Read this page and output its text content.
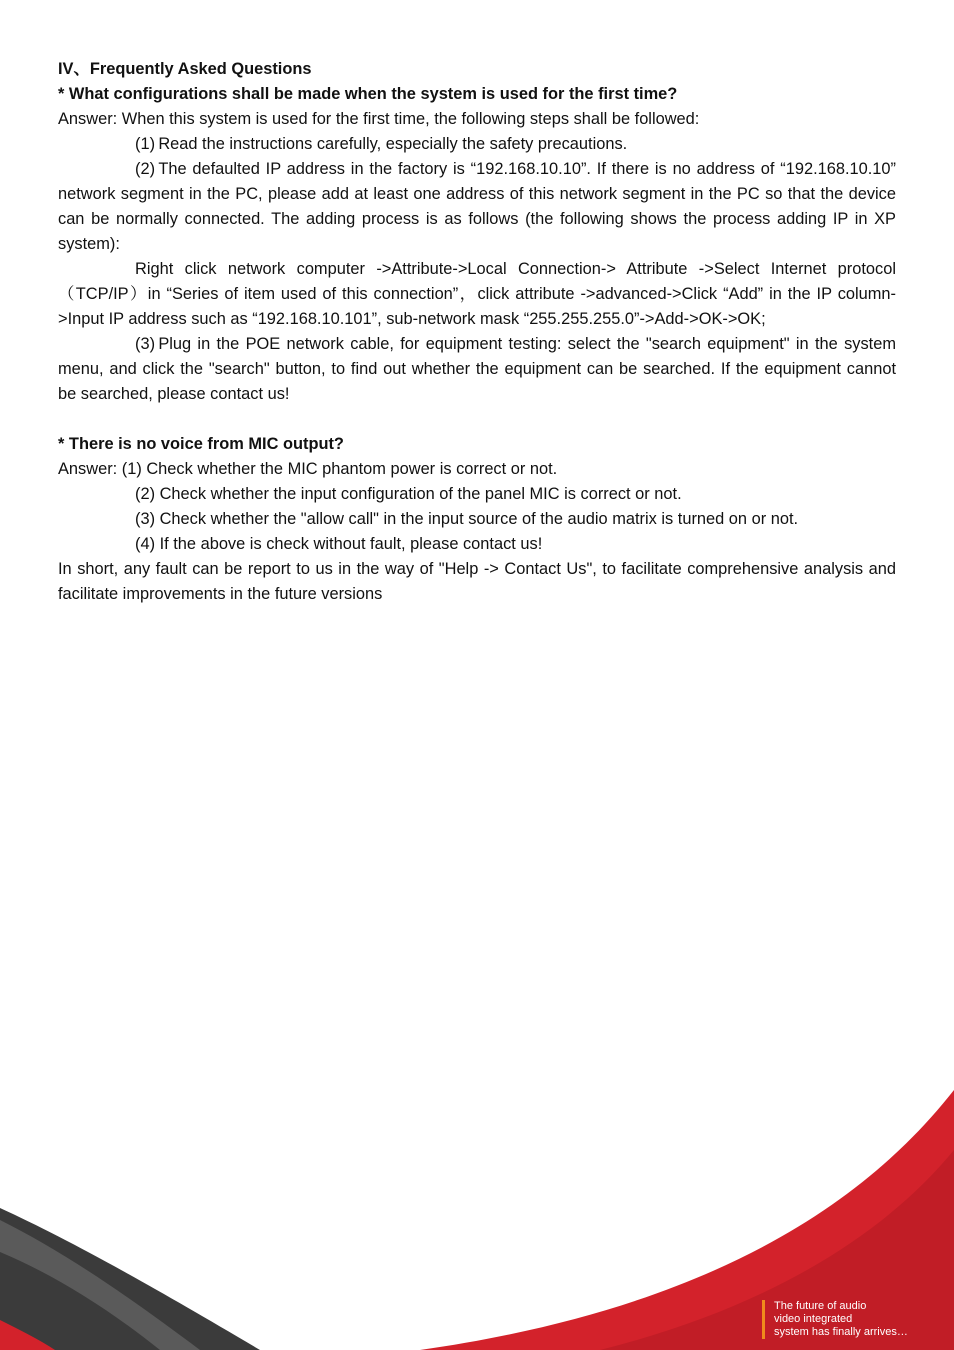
IV、Frequently Asked Questions

* What configurations shall be made when the system is used for the first time?

Answer: When this system is used for the first time, the following steps shall be followed:

(1) Read the instructions carefully, especially the safety precautions.

(2) The defaulted IP address in the factory is “192.168.10.10”. If there is no address of “192.168.10.10” network segment in the PC, please add at least one address of this network segment in the PC so that the device can be normally connected. The adding process is as follows (the following shows the process adding IP in XP system):

Right click network computer ->Attribute->Local Connection-> Attribute ->Select Internet protocol（TCP/IP）in “Series of item used of this connection”，click attribute ->advanced->Click “Add” in the IP column->Input IP address such as “192.168.10.101”, sub-network mask “255.255.255.0”->Add->OK->OK;

(3) Plug in the POE network cable, for equipment testing: select the "search equipment" in the system menu, and click the "search" button, to find out whether the equipment can be searched. If the equipment cannot be searched, please contact us!

* There is no voice from MIC output?

Answer: (1) Check whether the MIC phantom power is correct or not.

(2) Check whether the input configuration of the panel MIC is correct or not.

(3) Check whether the "allow call" in the input source of the audio matrix is turned on or not.

(4) If the above is check without fault, please contact us!

In short, any fault can be report to us in the way of "Help -> Contact Us", to facilitate comprehensive analysis and facilitate improvements in the future versions

The future of audio
video integrated
system has finally arrives…
